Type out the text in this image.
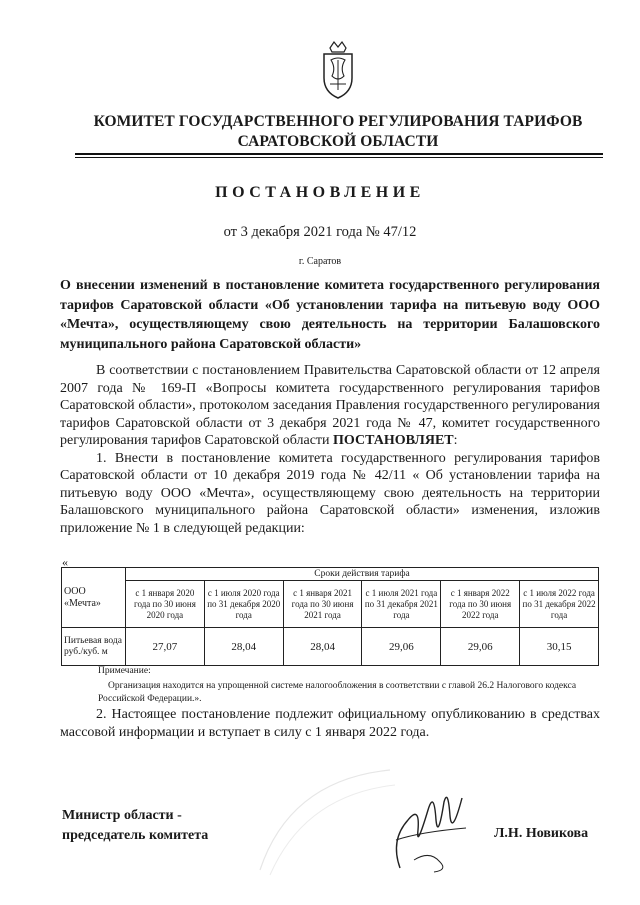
КОМИТЕТ ГОСУДАРСТВЕННОГО РЕГУЛИРОВАНИЯ ТАРИФОВ
САРАТОВСКОЙ ОБЛАСТИ
ПОСТАНОВЛЕНИЕ
от 3 декабря 2021 года № 47/12
г. Саратов
О внесении изменений в постановление комитета государственного регулирования тарифов Саратовской области «Об установлении тарифа на питьевую воду ООО «Мечта», осуществляющему свою деятельность на территории Балашовского муниципального района Саратовской области»

В соответствии с постановлением Правительства Саратовской области от 12 апреля 2007 года № 169-П «Вопросы комитета государственного регулирования тарифов Саратовской области», протоколом заседания Правления государственного регулирования тарифов Саратовской области от 3 декабря 2021 года № 47, комитет государственного регулирования тарифов Саратовской области ПОСТАНОВЛЯЕТ:

1. Внести в постановление комитета государственного регулирования тарифов Саратовской области от 10 декабря 2019 года № 42/11 « Об установлении тарифа на питьевую воду ООО «Мечта», осуществляющему свою деятельность на территории Балашовского муниципального района Саратовской области» изменения, изложив приложение № 1 в следующей редакции:

«
ООО «Мечта»	Сроки действия тарифа					
	с 1 января 2020 года по 30 июня 2020 года	с 1 июля 2020 года по 31 декабря 2020 года	с 1 января 2021 года по 30 июня 2021 года	с 1 июля 2021 года по 31 декабря 2021 года	с 1 января 2022 года по 30 июня 2022 года	с 1 июля 2022 года по 31 декабря 2022 года
Питьевая вода руб./куб. м	27,07	28,04	28,04	29,06	29,06	30,15
Примечание:
Организация находится на упрощенной системе налогообложения в соответствии с главой 26.2 Налогового кодекса Российской Федерации.».
2. Настоящее постановление подлежит официальному опубликованию в средствах массовой информации и вступает в силу с 1 января 2022 года.
Министр области -
председатель комитета	Л.Н. Новикова
